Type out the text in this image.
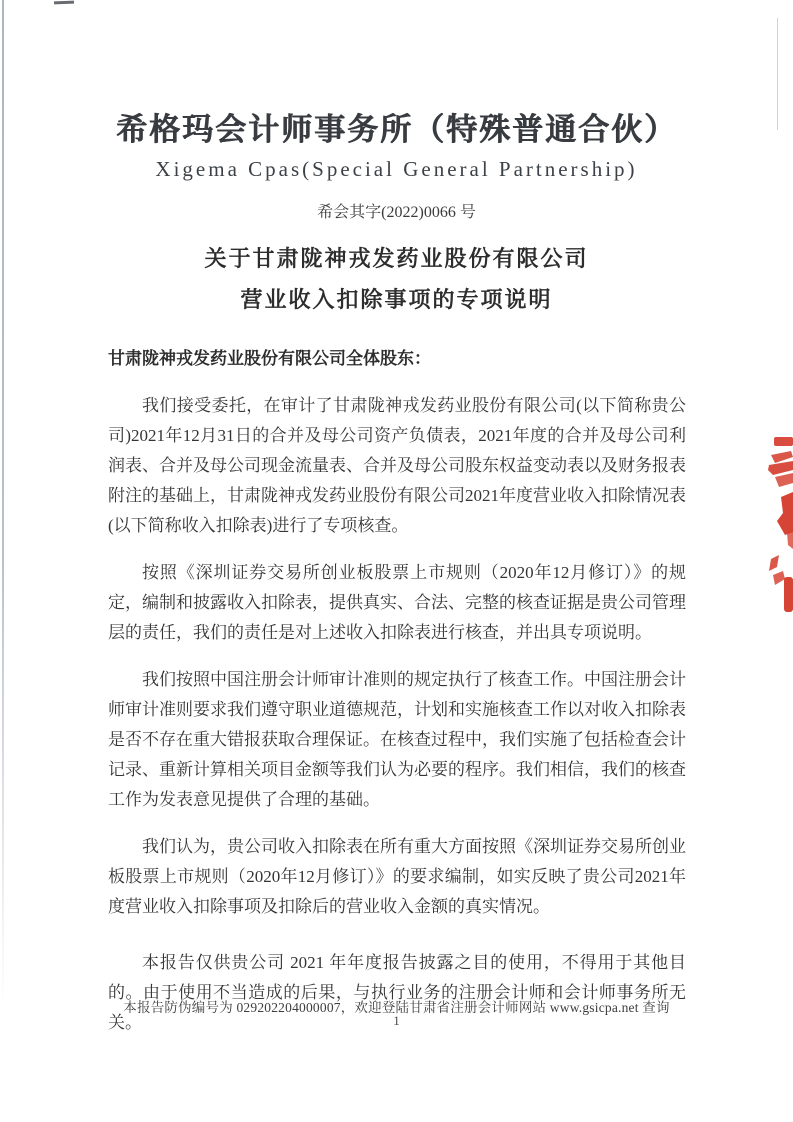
希格玛会计师事务所（特殊普通合伙）
Xigema Cpas(Special General Partnership)
希会其字(2022)0066 号
关于甘肃陇神戎发药业股份有限公司
营业收入扣除事项的专项说明

甘肃陇神戎发药业股份有限公司全体股东：

我们接受委托，在审计了甘肃陇神戎发药业股份有限公司(以下简称贵公司)2021年12月31日的合并及母公司资产负债表，2021年度的合并及母公司利润表、合并及母公司现金流量表、合并及母公司股东权益变动表以及财务报表附注的基础上，甘肃陇神戎发药业股份有限公司2021年度营业收入扣除情况表(以下简称收入扣除表)进行了专项核查。

按照《深圳证券交易所创业板股票上市规则（2020年12月修订）》的规定，编制和披露收入扣除表，提供真实、合法、完整的核查证据是贵公司管理层的责任，我们的责任是对上述收入扣除表进行核查，并出具专项说明。

我们按照中国注册会计师审计准则的规定执行了核查工作。中国注册会计师审计准则要求我们遵守职业道德规范，计划和实施核查工作以对收入扣除表是否不存在重大错报获取合理保证。在核查过程中，我们实施了包括检查会计记录、重新计算相关项目金额等我们认为必要的程序。我们相信，我们的核查工作为发表意见提供了合理的基础。

我们认为，贵公司收入扣除表在所有重大方面按照《深圳证券交易所创业板股票上市规则（2020年12月修订）》的要求编制，如实反映了贵公司2021年度营业收入扣除事项及扣除后的营业收入金额的真实情况。

本报告仅供贵公司 2021 年年度报告披露之目的使用，不得用于其他目的。由于使用不当造成的后果，与执行业务的注册会计师和会计师事务所无关。

本报告防伪编号为 029202204000007，欢迎登陆甘肃省注册会计师网站 www.gsicpa.net 查询
1
